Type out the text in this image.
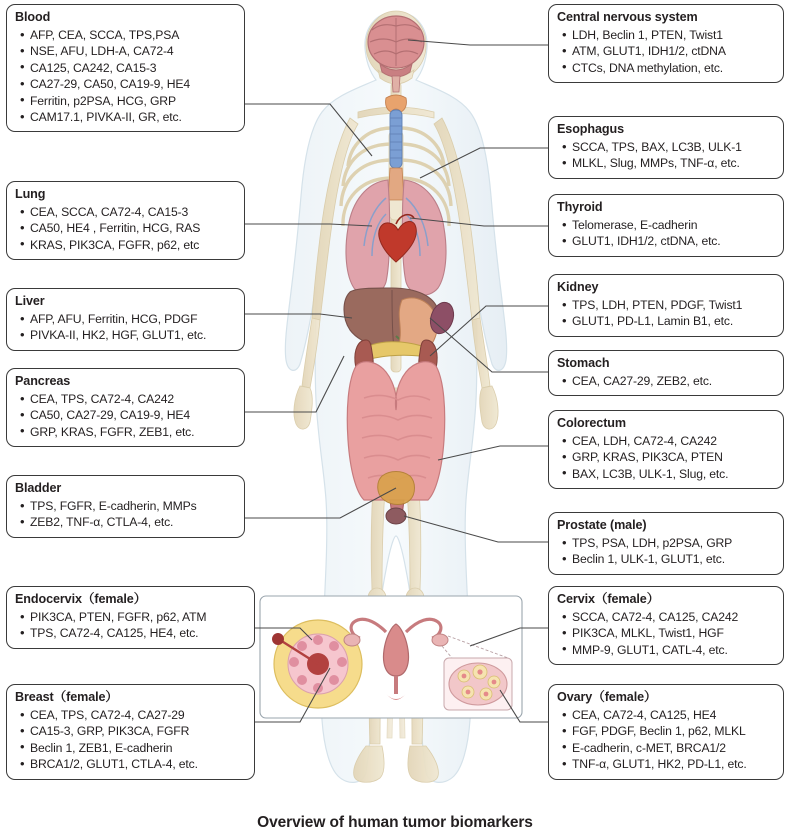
Blood
• AFP, CEA, SCCA, TPS,PSA
• NSE, AFU, LDH-A, CA72-4
• CA125, CA242, CA15-3
• CA27-29, CA50, CA19-9, HE4
• Ferritin, p2PSA, HCG, GRP
• CAM17.1, PIVKA-II, GR, etc.
Lung
• CEA, SCCA, CA72-4, CA15-3
• CA50, HE4 , Ferritin, HCG, RAS
• KRAS, PIK3CA, FGFR, p62, etc
Liver
• AFP, AFU, Ferritin, HCG, PDGF
• PIVKA-II, HK2, HGF, GLUT1, etc.
Pancreas
• CEA, TPS, CA72-4, CA242
• CA50, CA27-29, CA19-9, HE4
• GRP, KRAS, FGFR, ZEB1, etc.
Bladder
• TPS, FGFR, E-cadherin, MMPs
• ZEB2, TNF-α, CTLA-4, etc.
Endocervix（female）
• PIK3CA, PTEN, FGFR, p62, ATM
• TPS, CA72-4, CA125, HE4, etc.
Breast（female）
• CEA, TPS, CA72-4, CA27-29
• CA15-3, GRP, PIK3CA, FGFR
• Beclin 1, ZEB1, E-cadherin
• BRCA1/2, GLUT1, CTLA-4, etc.
Central nervous system
• LDH, Beclin 1, PTEN, Twist1
• ATM, GLUT1, IDH1/2, ctDNA
• CTCs, DNA methylation, etc.
Esophagus
• SCCA, TPS, BAX, LC3B, ULK-1
• MLKL, Slug, MMPs, TNF-α, etc.
Thyroid
• Telomerase, E-cadherin
• GLUT1, IDH1/2, ctDNA, etc.
Kidney
• TPS, LDH, PTEN, PDGF, Twist1
• GLUT1, PD-L1, Lamin B1, etc.
Stomach
• CEA, CA27-29, ZEB2, etc.
Colorectum
• CEA, LDH, CA72-4, CA242
• GRP, KRAS, PIK3CA, PTEN
• BAX, LC3B, ULK-1, Slug, etc.
Prostate (male)
• TPS, PSA, LDH, p2PSA, GRP
• Beclin 1, ULK-1, GLUT1, etc.
Cervix（female）
• SCCA, CA72-4, CA125, CA242
• PIK3CA, MLKL, Twist1, HGF
• MMP-9, GLUT1, CATL-4, etc.
Ovary（female）
• CEA, CA72-4, CA125, HE4
• FGF, PDGF, Beclin 1, p62, MLKL
• E-cadherin, c-MET, BRCA1/2
• TNF-α, GLUT1, HK2, PD-L1, etc.
Overview of human tumor biomarkers
